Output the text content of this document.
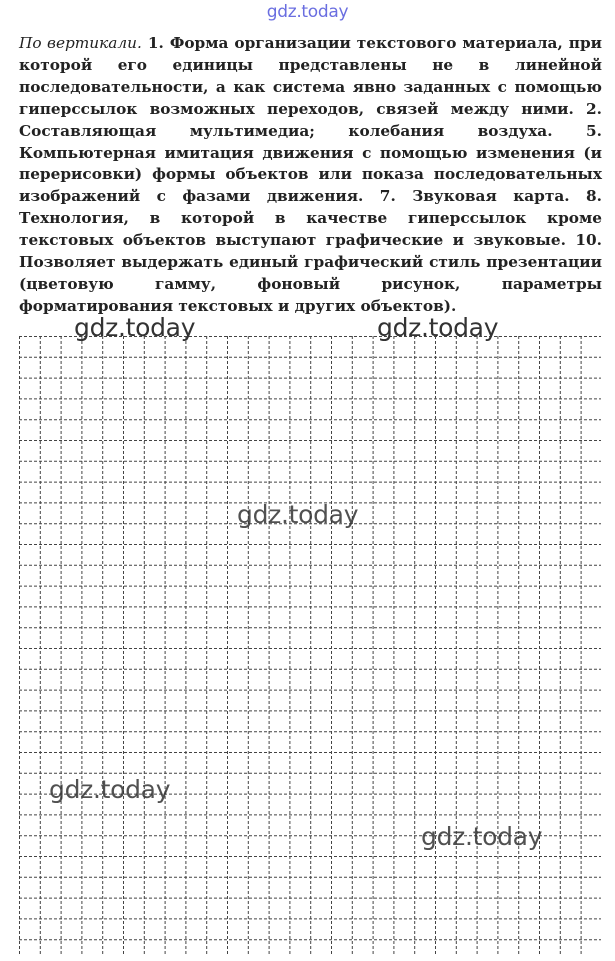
gdz.today

По вертикали. 1. Форма организации текстового материала, при которой его единицы представлены не в линейной последовательности, а как система явно заданных с помощью гиперссылок возможных переходов, связей между ними. 2. Составляющая мультимедиа; колебания воздуха. 5. Компьютерная имитация движения с помощью изменения (и перерисовки) формы объектов или показа последовательных изображений с фазами движения. 7. Звуковая карта. 8. Технология, в которой в качестве гиперссылок кроме текстовых объектов выступают графические и звуковые. 10. Позволяет выдержать единый графический стиль презентации (цветовую гамму, фоновый рисунок, параметры форматирования текстовых и других объектов).

gdz.today	gdz.today
gdz.today
gdz.today
gdz.today
